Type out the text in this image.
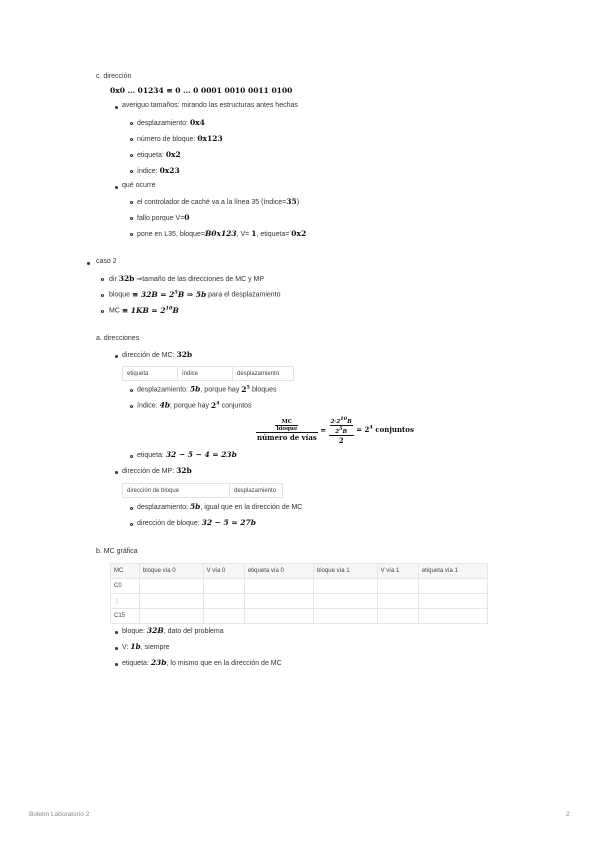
c. dirección
0x0 … 01234 ≡ 0 … 0 0001 0010 0011 0100
averiguo tamaños: mirando las estructuras antes hechas
desplazamiento: 0x4
número de bloque: 0x123
etiqueta: 0x2
índice: 0x23
qué ocurre
el controlador de caché va a la línea 35 (índice=35)
fallo porque V=0
pone en L35, bloque=B0x123, V= 1, etiqueta= 0x2
caso 2
dir 32b ⇒tamaño de las direcciones de MC y MP
bloque ≡ $32B = 2^5B$ ⇒ 5b para el desplazamiento
MC ≡ $1KB = 2^{10}B$
a. direcciones
dirección de MC: 32b
etiqueta	índice	desplazamiento
desplazamiento: 5b, porque hay $2^5$ bloques
índice: 4b; porque hay $2^4$ conjuntos
$\frac{\frac{MC}{\text{bloque}}}{\text{número de vías}} = \frac{\frac{2\cdot 2^{10}B}{2^5B}}{2} = 2^4$ conjuntos
etiqueta: 32 − 5 − 4 = 23b
dirección de MP: 32b
dirección de bloque	desplazamiento
desplazamiento: 5b, igual que en la dirección de MC
dirección de bloque: 32 − 5 = 27b
b. MC gráfica
MC	bloque vía 0	V vía 0	etiqueta vía 0	bloque vía 1	V vía 1	etiqueta vía 1
C0						
⋮						
C15						
bloque: 32B, dato del problema
V: 1b, siempre
etiqueta: 23b, lo mismo que en la dirección de MC
Boletín Laboratorio 2	2
